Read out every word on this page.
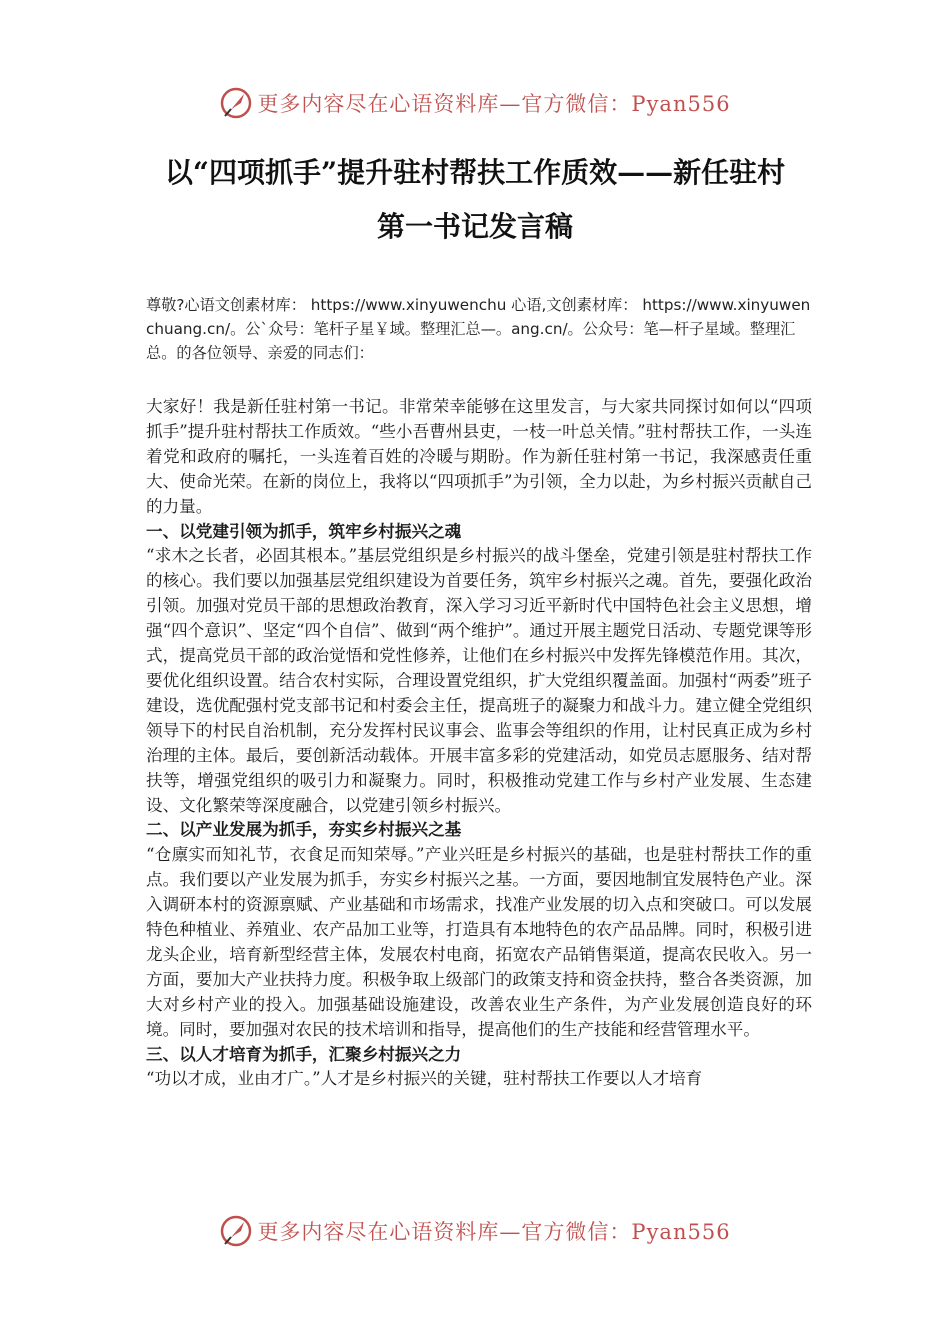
更多内容尽在心语资料库—官方微信：Pyan556
以“四项抓手”提升驻村帮扶工作质效——新任驻村
第一书记发言稿
尊敬?心语文创素材库： https://www.xinyuwenchu 心语,文创素材库： https://www.xinyuwenchuang.cn/。公`众号：笔杆子星￥域。整理汇总—。ang.cn/。公众号：笔—杆子星域。整理汇总。的各位领导、亲爱的同志们：

大家好！我是新任驻村第一书记。非常荣幸能够在这里发言，与大家共同探讨如何以“四项抓手”提升驻村帮扶工作质效。“些小吾曹州县吏，一枝一叶总关情。”驻村帮扶工作，一头连着党和政府的嘱托，一头连着百姓的冷暖与期盼。作为新任驻村第一书记，我深感责任重大、使命光荣。在新的岗位上，我将以“四项抓手”为引领，全力以赴，为乡村振兴贡献自己的力量。

一、以党建引领为抓手，筑牢乡村振兴之魂

“求木之长者，必固其根本。”基层党组织是乡村振兴的战斗堡垒，党建引领是驻村帮扶工作的核心。我们要以加强基层党组织建设为首要任务，筑牢乡村振兴之魂。首先，要强化政治引领。加强对党员干部的思想政治教育，深入学习习近平新时代中国特色社会主义思想，增强“四个意识”、坚定“四个自信”、做到“两个维护”。通过开展主题党日活动、专题党课等形式，提高党员干部的政治觉悟和党性修养，让他们在乡村振兴中发挥先锋模范作用。其次，要优化组织设置。结合农村实际，合理设置党组织，扩大党组织覆盖面。加强村“两委”班子建设，选优配强村党支部书记和村委会主任，提高班子的凝聚力和战斗力。建立健全党组织领导下的村民自治机制，充分发挥村民议事会、监事会等组织的作用，让村民真正成为乡村治理的主体。最后，要创新活动载体。开展丰富多彩的党建活动，如党员志愿服务、结对帮扶等，增强党组织的吸引力和凝聚力。同时，积极推动党建工作与乡村产业发展、生态建设、文化繁荣等深度融合，以党建引领乡村振兴。

二、以产业发展为抓手，夯实乡村振兴之基

“仓廪实而知礼节，衣食足而知荣辱。”产业兴旺是乡村振兴的基础，也是驻村帮扶工作的重点。我们要以产业发展为抓手，夯实乡村振兴之基。一方面，要因地制宜发展特色产业。深入调研本村的资源禀赋、产业基础和市场需求，找准产业发展的切入点和突破口。可以发展特色种植业、养殖业、农产品加工业等，打造具有本地特色的农产品品牌。同时，积极引进龙头企业，培育新型经营主体，发展农村电商，拓宽农产品销售渠道，提高农民收入。另一方面，要加大产业扶持力度。积极争取上级部门的政策支持和资金扶持，整合各类资源，加大对乡村产业的投入。加强基础设施建设，改善农业生产条件，为产业发展创造良好的环境。同时，要加强对农民的技术培训和指导，提高他们的生产技能和经营管理水平。

三、以人才培育为抓手，汇聚乡村振兴之力

“功以才成，业由才广。”人才是乡村振兴的关键，驻村帮扶工作要以人才培育

更多内容尽在心语资料库—官方微信：Pyan556
